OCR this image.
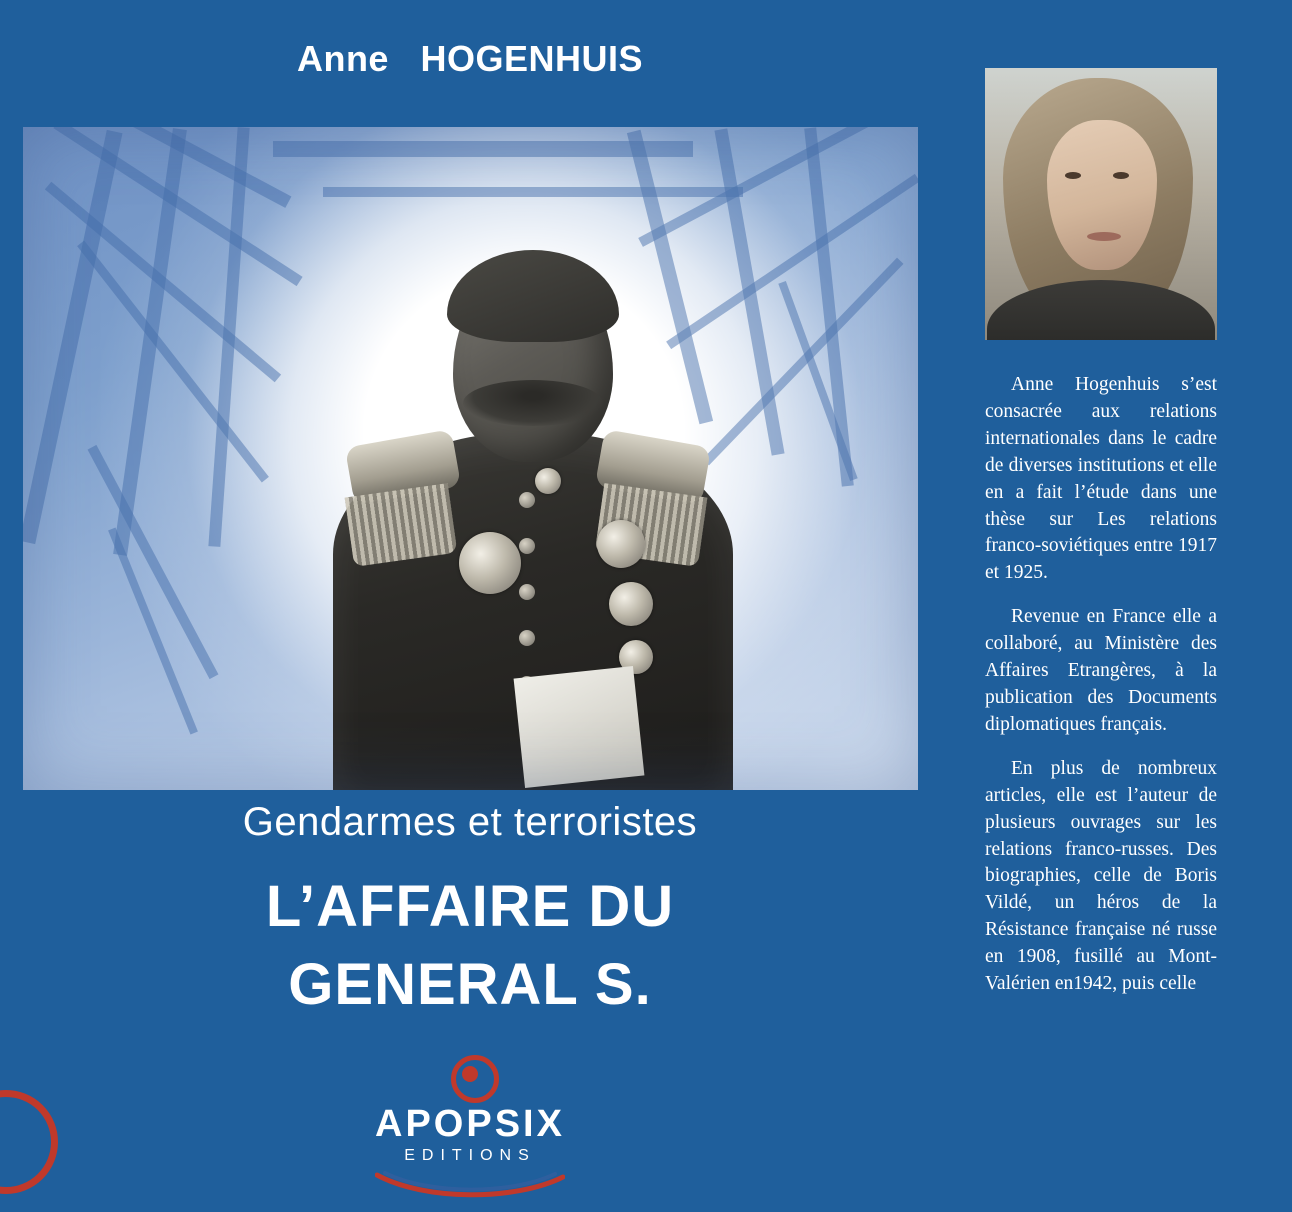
Anne HOGENHUIS
Gendarmes et terroristes
L’AFFAIRE DU
GENERAL S.
APOPSIX
EDITIONS

Anne Hogenhuis s’est consacrée aux relations internationales dans le cadre de diverses institutions et elle en a fait l’étude dans une thèse sur Les relations franco-soviétiques entre 1917 et 1925.

Revenue en France elle a collaboré, au Ministère des Affaires Etrangères, à la publication des Documents diplomatiques français.

En plus de nombreux articles, elle est l’auteur de plusieurs ouvrages sur les relations franco-russes. Des biographies, celle de Boris Vildé, un héros de la Résistance française né russe en 1908, fusillé au Mont-Valérien en1942, puis celle
